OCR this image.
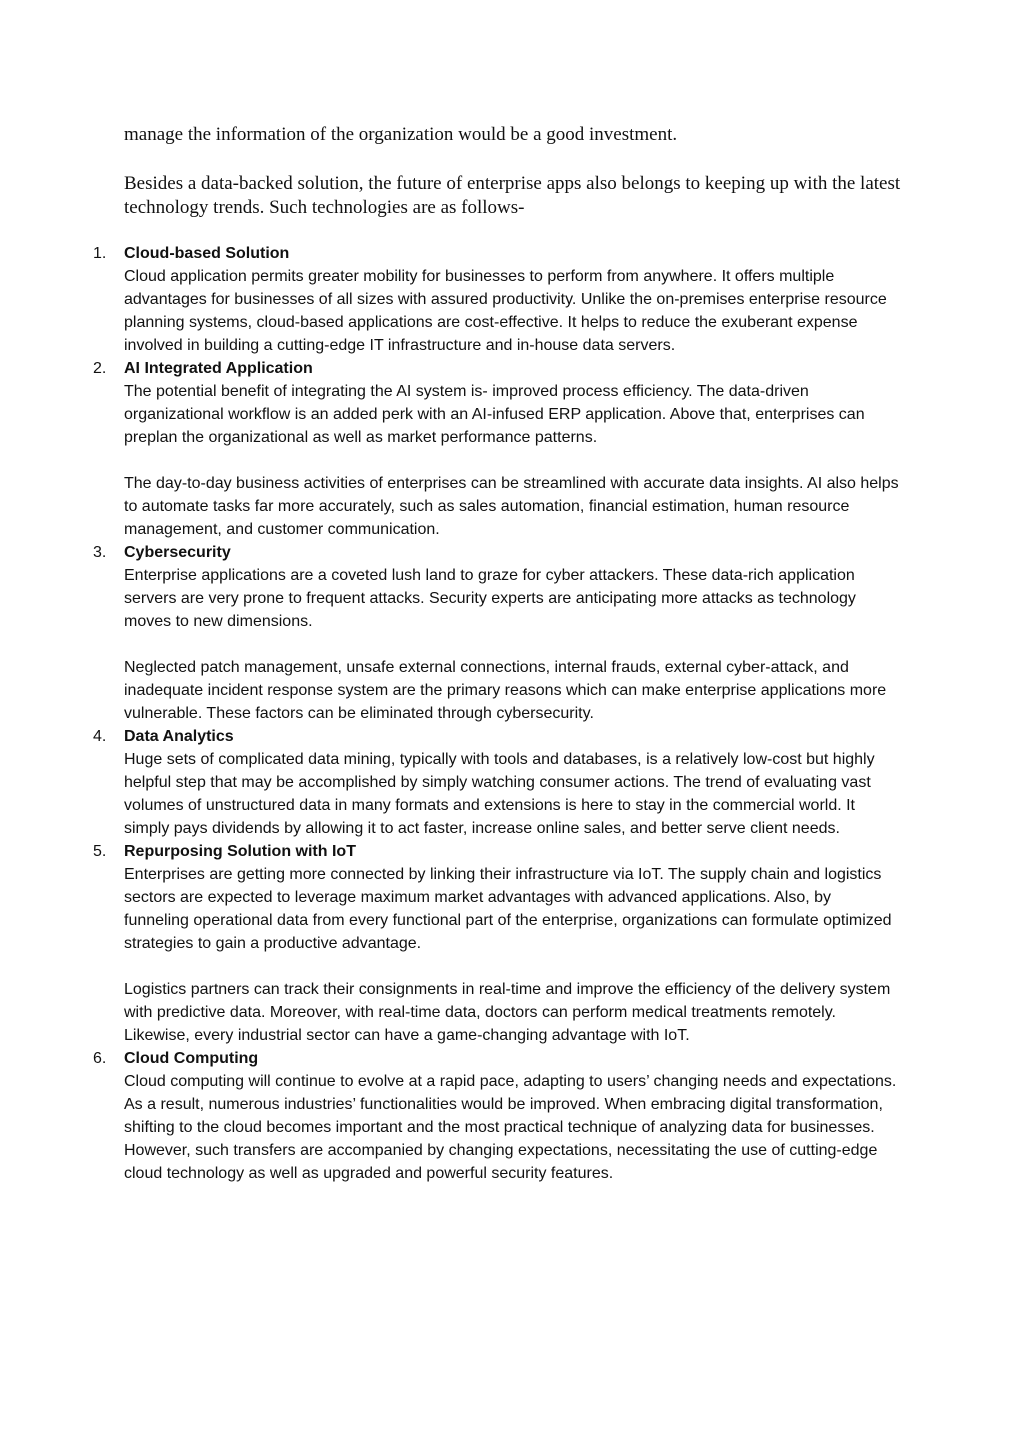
manage the information of the organization would be a good investment.

Besides a data-backed solution, the future of enterprise apps also belongs to keeping up with the latest technology trends. Such technologies are as follows-

1. Cloud-based Solution
Cloud application permits greater mobility for businesses to perform from anywhere. It offers multiple advantages for businesses of all sizes with assured productivity. Unlike the on-premises enterprise resource planning systems, cloud-based applications are cost-effective. It helps to reduce the exuberant expense involved in building a cutting-edge IT infrastructure and in-house data servers.
2. AI Integrated Application
The potential benefit of integrating the AI system is- improved process efficiency. The data-driven organizational workflow is an added perk with an AI-infused ERP application. Above that, enterprises can preplan the organizational as well as market performance patterns.
The day-to-day business activities of enterprises can be streamlined with accurate data insights. AI also helps to automate tasks far more accurately, such as sales automation, financial estimation, human resource management, and customer communication.
3. Cybersecurity
Enterprise applications are a coveted lush land to graze for cyber attackers. These data-rich application servers are very prone to frequent attacks. Security experts are anticipating more attacks as technology moves to new dimensions.
Neglected patch management, unsafe external connections, internal frauds, external cyber-attack, and inadequate incident response system are the primary reasons which can make enterprise applications more vulnerable. These factors can be eliminated through cybersecurity.
4. Data Analytics
Huge sets of complicated data mining, typically with tools and databases, is a relatively low-cost but highly helpful step that may be accomplished by simply watching consumer actions. The trend of evaluating vast volumes of unstructured data in many formats and extensions is here to stay in the commercial world. It simply pays dividends by allowing it to act faster, increase online sales, and better serve client needs.
5. Repurposing Solution with IoT
Enterprises are getting more connected by linking their infrastructure via IoT. The supply chain and logistics sectors are expected to leverage maximum market advantages with advanced applications. Also, by funneling operational data from every functional part of the enterprise, organizations can formulate optimized strategies to gain a productive advantage.
Logistics partners can track their consignments in real-time and improve the efficiency of the delivery system with predictive data. Moreover, with real-time data, doctors can perform medical treatments remotely. Likewise, every industrial sector can have a game-changing advantage with IoT.
6. Cloud Computing
Cloud computing will continue to evolve at a rapid pace, adapting to users’ changing needs and expectations. As a result, numerous industries’ functionalities would be improved. When embracing digital transformation, shifting to the cloud becomes important and the most practical technique of analyzing data for businesses. However, such transfers are accompanied by changing expectations, necessitating the use of cutting-edge cloud technology as well as upgraded and powerful security features.
